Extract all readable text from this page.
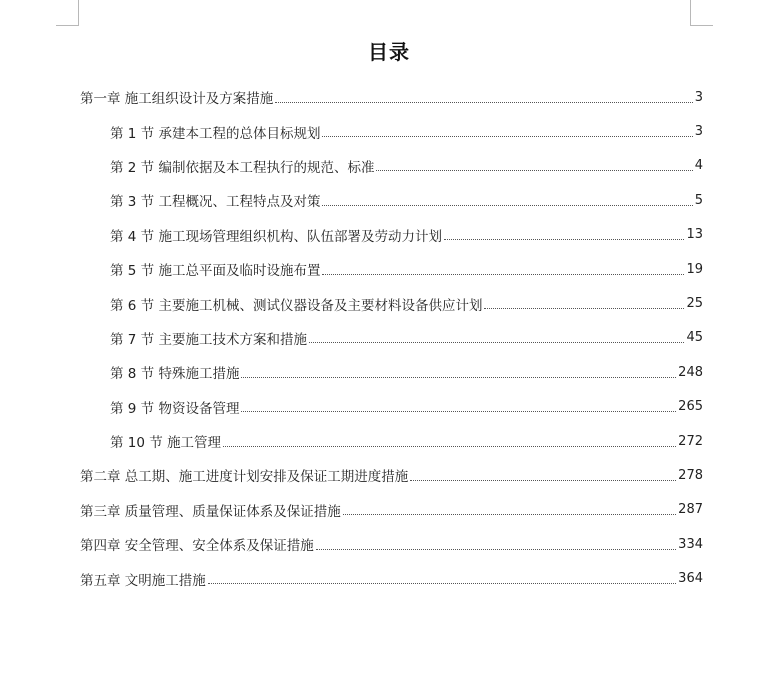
目录
第一章 施工组织设计及方案措施	3
第 1 节 承建本工程的总体目标规划	3
第 2 节 编制依据及本工程执行的规范、标准	4
第 3 节 工程概况、工程特点及对策	5
第 4 节 施工现场管理组织机构、队伍部署及劳动力计划	13
第 5 节 施工总平面及临时设施布置	19
第 6 节 主要施工机械、测试仪器设备及主要材料设备供应计划	25
第 7 节 主要施工技术方案和措施	45
第 8 节 特殊施工措施	248
第 9 节 物资设备管理	265
第 10 节 施工管理	272
第二章 总工期、施工进度计划安排及保证工期进度措施	278
第三章 质量管理、质量保证体系及保证措施	287
第四章 安全管理、安全体系及保证措施	334
第五章 文明施工措施	364
